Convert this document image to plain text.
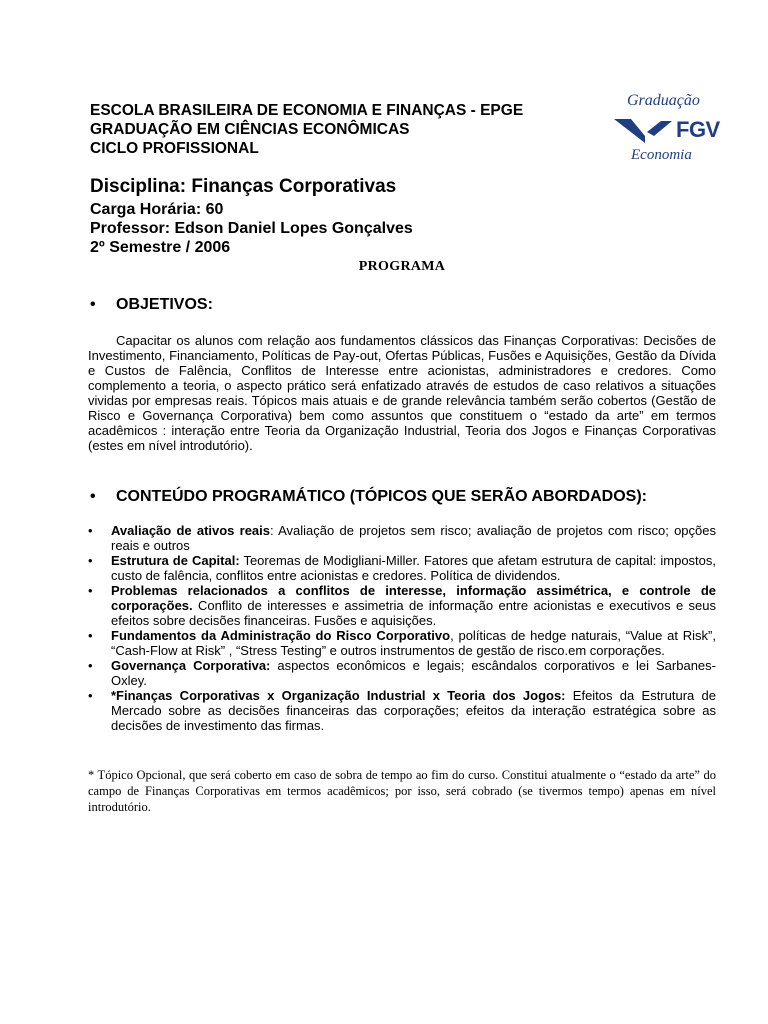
ESCOLA BRASILEIRA DE ECONOMIA E FINANÇAS - EPGE
GRADUAÇÃO EM CIÊNCIAS ECONÔMICAS
CICLO PROFISSIONAL
Graduação
FGV
Economia
Disciplina: Finanças Corporativas
Carga Horária: 60
Professor: Edson Daniel Lopes Gonçalves
2º Semestre / 2006
PROGRAMA
• OBJETIVOS:
Capacitar os alunos com relação aos fundamentos clássicos das Finanças Corporativas: Decisões de Investimento, Financiamento, Políticas de Pay-out, Ofertas Públicas, Fusões e Aquisições, Gestão da Dívida e Custos de Falência, Conflitos de Interesse entre acionistas, administradores e credores. Como complemento a teoria, o aspecto prático será enfatizado através de estudos de caso relativos a situações vividas por empresas reais. Tópicos mais atuais e de grande relevância também serão cobertos (Gestão de Risco e Governança Corporativa) bem como assuntos que constituem o “estado da arte” em termos acadêmicos : interação entre Teoria da Organização Industrial, Teoria dos Jogos e Finanças Corporativas (estes em nível introdutório).
• CONTEÚDO PROGRAMÁTICO (TÓPICOS QUE SERÃO ABORDADOS):
• Avaliação de ativos reais: Avaliação de projetos sem risco; avaliação de projetos com risco; opções reais e outros
• Estrutura de Capital: Teoremas de Modigliani-Miller. Fatores que afetam estrutura de capital: impostos, custo de falência, conflitos entre acionistas e credores. Política de dividendos.
• Problemas relacionados a conflitos de interesse, informação assimétrica, e controle de corporações. Conflito de interesses e assimetria de informação entre acionistas e executivos e seus efeitos sobre decisões financeiras. Fusões e aquisições.
• Fundamentos da Administração do Risco Corporativo, políticas de hedge naturais, “Value at Risk”, “Cash-Flow at Risk” , “Stress Testing” e outros instrumentos de gestão de risco.em corporações.
• Governança Corporativa: aspectos econômicos e legais; escândalos corporativos e lei Sarbanes-Oxley.
• *Finanças Corporativas x Organização Industrial x Teoria dos Jogos: Efeitos da Estrutura de Mercado sobre as decisões financeiras das corporações; efeitos da interação estratégica sobre as decisões de investimento das firmas.
* Tópico Opcional, que será coberto em caso de sobra de tempo ao fim do curso. Constitui atualmente o “estado da arte” do campo de Finanças Corporativas em termos acadêmicos; por isso, será cobrado (se tivermos tempo) apenas em nível introdutório.
